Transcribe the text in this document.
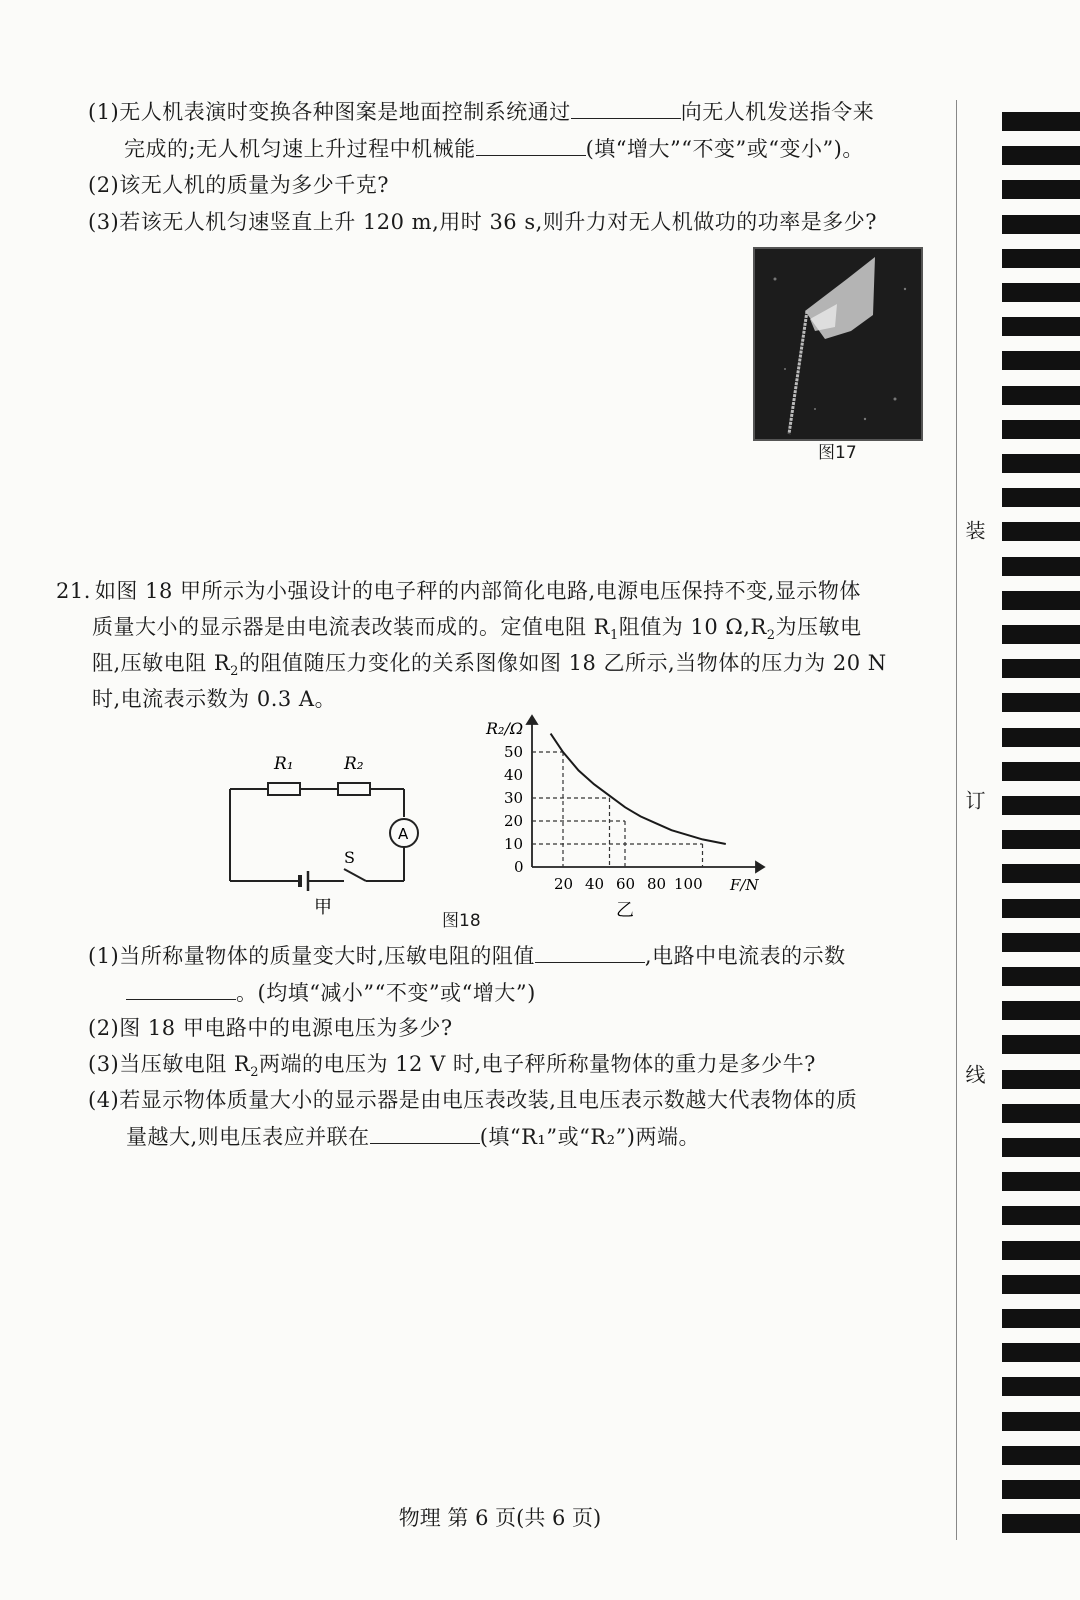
(1)无人机表演时变换各种图案是地面控制系统通过	向无人机发送指令来
完成的;无人机匀速上升过程中机械能	(填“增大”“不变”或“变小”)。
(2)该无人机的质量为多少千克?
(3)若该无人机匀速竖直上升 120 m,用时 36 s,则升力对无人机做功的功率是多少?
图17
21. 如图 18 甲所示为小强设计的电子秤的内部简化电路,电源电压保持不变,显示物体
质量大小的显示器是由电流表改装而成的。定值电阻 $R_1$阻值为 10 $\Omega,R_2$为压敏电
阻,压敏电阻 $R_2$的阻值随压力变化的关系图像如图 18 乙所示,当物体的压力为 20 N
时,电流表示数为 0.3 A。
R₁	R₂
A
S
甲
0
10
20
30
40
50
20 40 60 80 100
R₂/Ω
F/N
乙
图18
(1)当所称量物体的质量变大时,压敏电阻的阻值	,电路中电流表的示数
。(均填“减小”“不变”或“增大”)
(2)图 18 甲电路中的电源电压为多少?
(3)当压敏电阻 $R_2$两端的电压为 12 V 时,电子秤所称量物体的重力是多少牛?
(4)若显示物体质量大小的显示器是由电压表改装,且电压表示数越大代表物体的质
量越大,则电压表应并联在	(填“R₁”或“R₂”)两端。
装
订
线
物理 第 6 页(共 6 页)
